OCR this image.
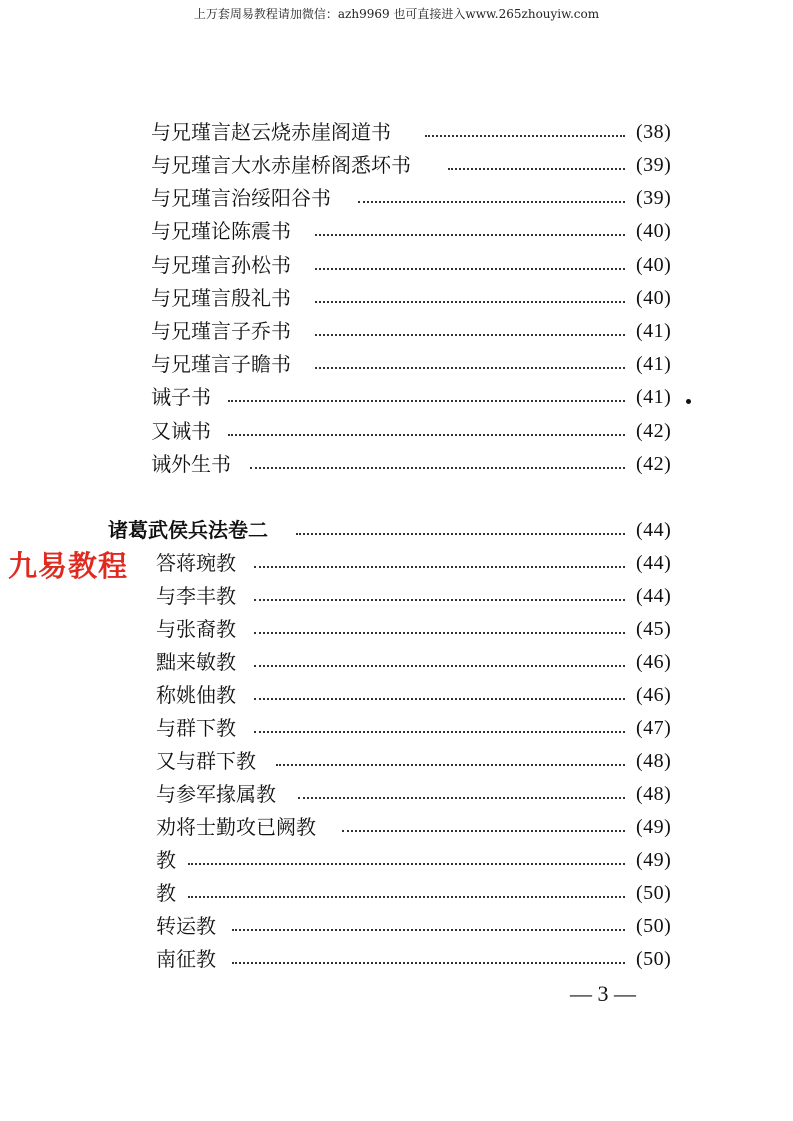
上万套周易教程请加微信：azh9969 也可直接进入www.265zhouyiw.com
与兄瑾言赵云烧赤崖阁道书	(38)
与兄瑾言大水赤崖桥阁悉坏书	(39)
与兄瑾言治绥阳谷书	(39)
与兄瑾论陈震书	(40)
与兄瑾言孙松书	(40)
与兄瑾言殷礼书	(40)
与兄瑾言子乔书	(41)
与兄瑾言子瞻书	(41)
诫子书	(41)
又诫书	(42)
诫外生书	(42)
诸葛武侯兵法卷二	(44)
九易教程 答蒋琬教	(44)
与李丰教	(44)
与张裔教	(45)
黜来敏教	(46)
称姚伷教	(46)
与群下教	(47)
又与群下教	(48)
与参军掾属教	(48)
劝将士勤攻已阙教	(49)
教	(49)
教	(50)
转运教	(50)
南征教	(50)
— 3 —
